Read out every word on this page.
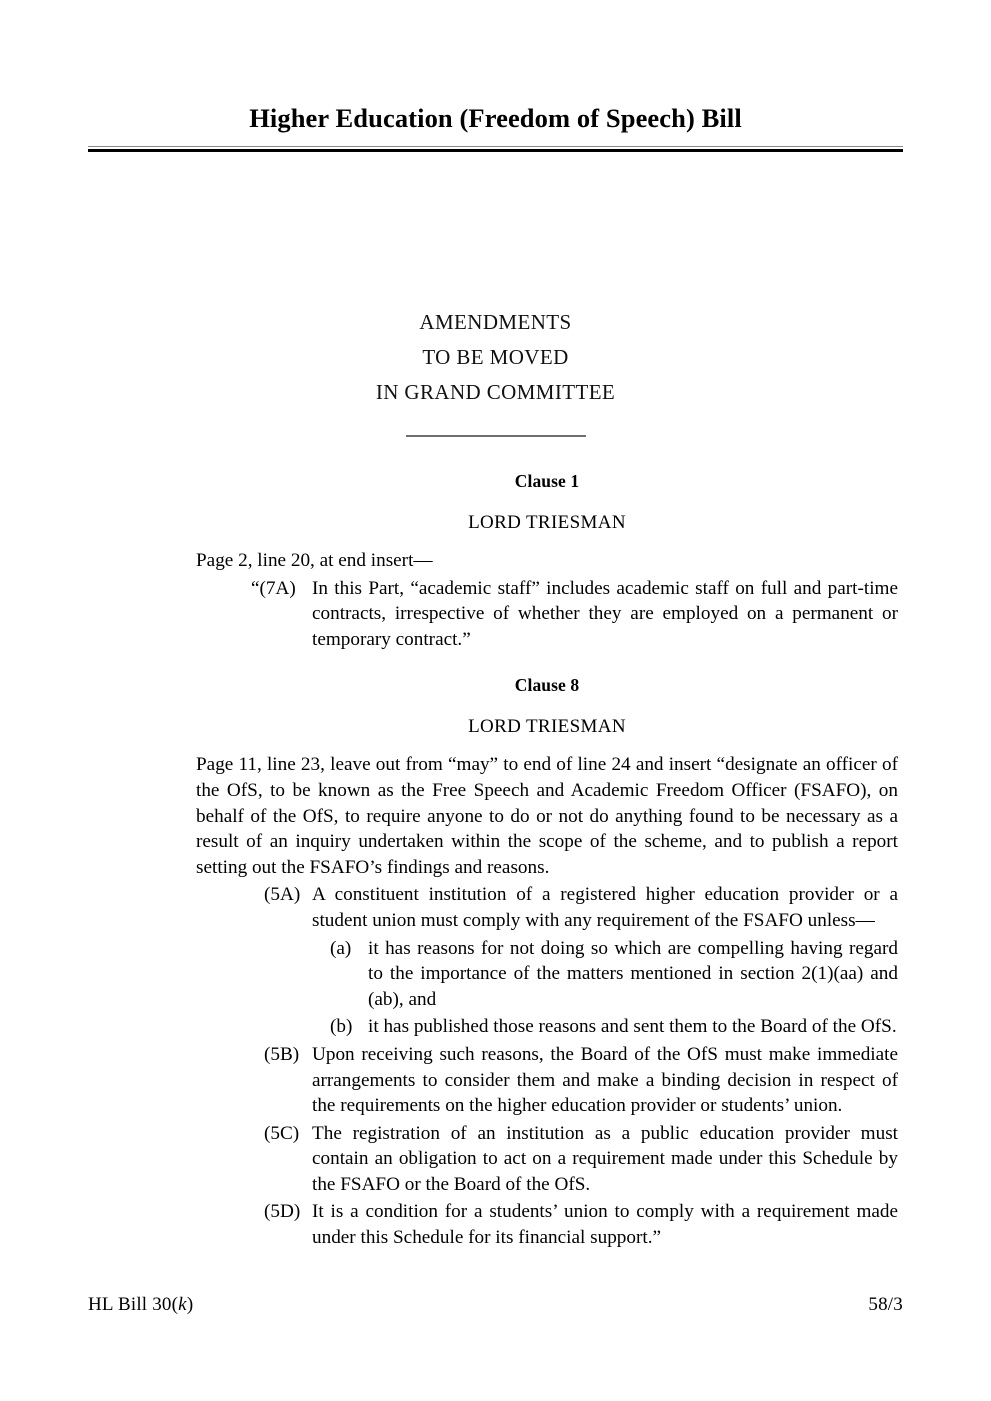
Higher Education (Freedom of Speech) Bill
AMENDMENTS
TO BE MOVED
IN GRAND COMMITTEE
Clause 1
LORD TRIESMAN
Page 2, line 20, at end insert—
“(7A) In this Part, “academic staff” includes academic staff on full and part-time contracts, irrespective of whether they are employed on a permanent or temporary contract.”
Clause 8
LORD TRIESMAN
Page 11, line 23, leave out from “may” to end of line 24 and insert “designate an officer of the OfS, to be known as the Free Speech and Academic Freedom Officer (FSAFO), on behalf of the OfS, to require anyone to do or not do anything found to be necessary as a result of an inquiry undertaken within the scope of the scheme, and to publish a report setting out the FSAFO’s findings and reasons.
(5A) A constituent institution of a registered higher education provider or a student union must comply with any requirement of the FSAFO unless—
(a) it has reasons for not doing so which are compelling having regard to the importance of the matters mentioned in section 2(1)(aa) and (ab), and
(b) it has published those reasons and sent them to the Board of the OfS.
(5B) Upon receiving such reasons, the Board of the OfS must make immediate arrangements to consider them and make a binding decision in respect of the requirements on the higher education provider or students’ union.
(5C) The registration of an institution as a public education provider must contain an obligation to act on a requirement made under this Schedule by the FSAFO or the Board of the OfS.
(5D) It is a condition for a students’ union to comply with a requirement made under this Schedule for its financial support.”
HL Bill 30(k)	58/3
